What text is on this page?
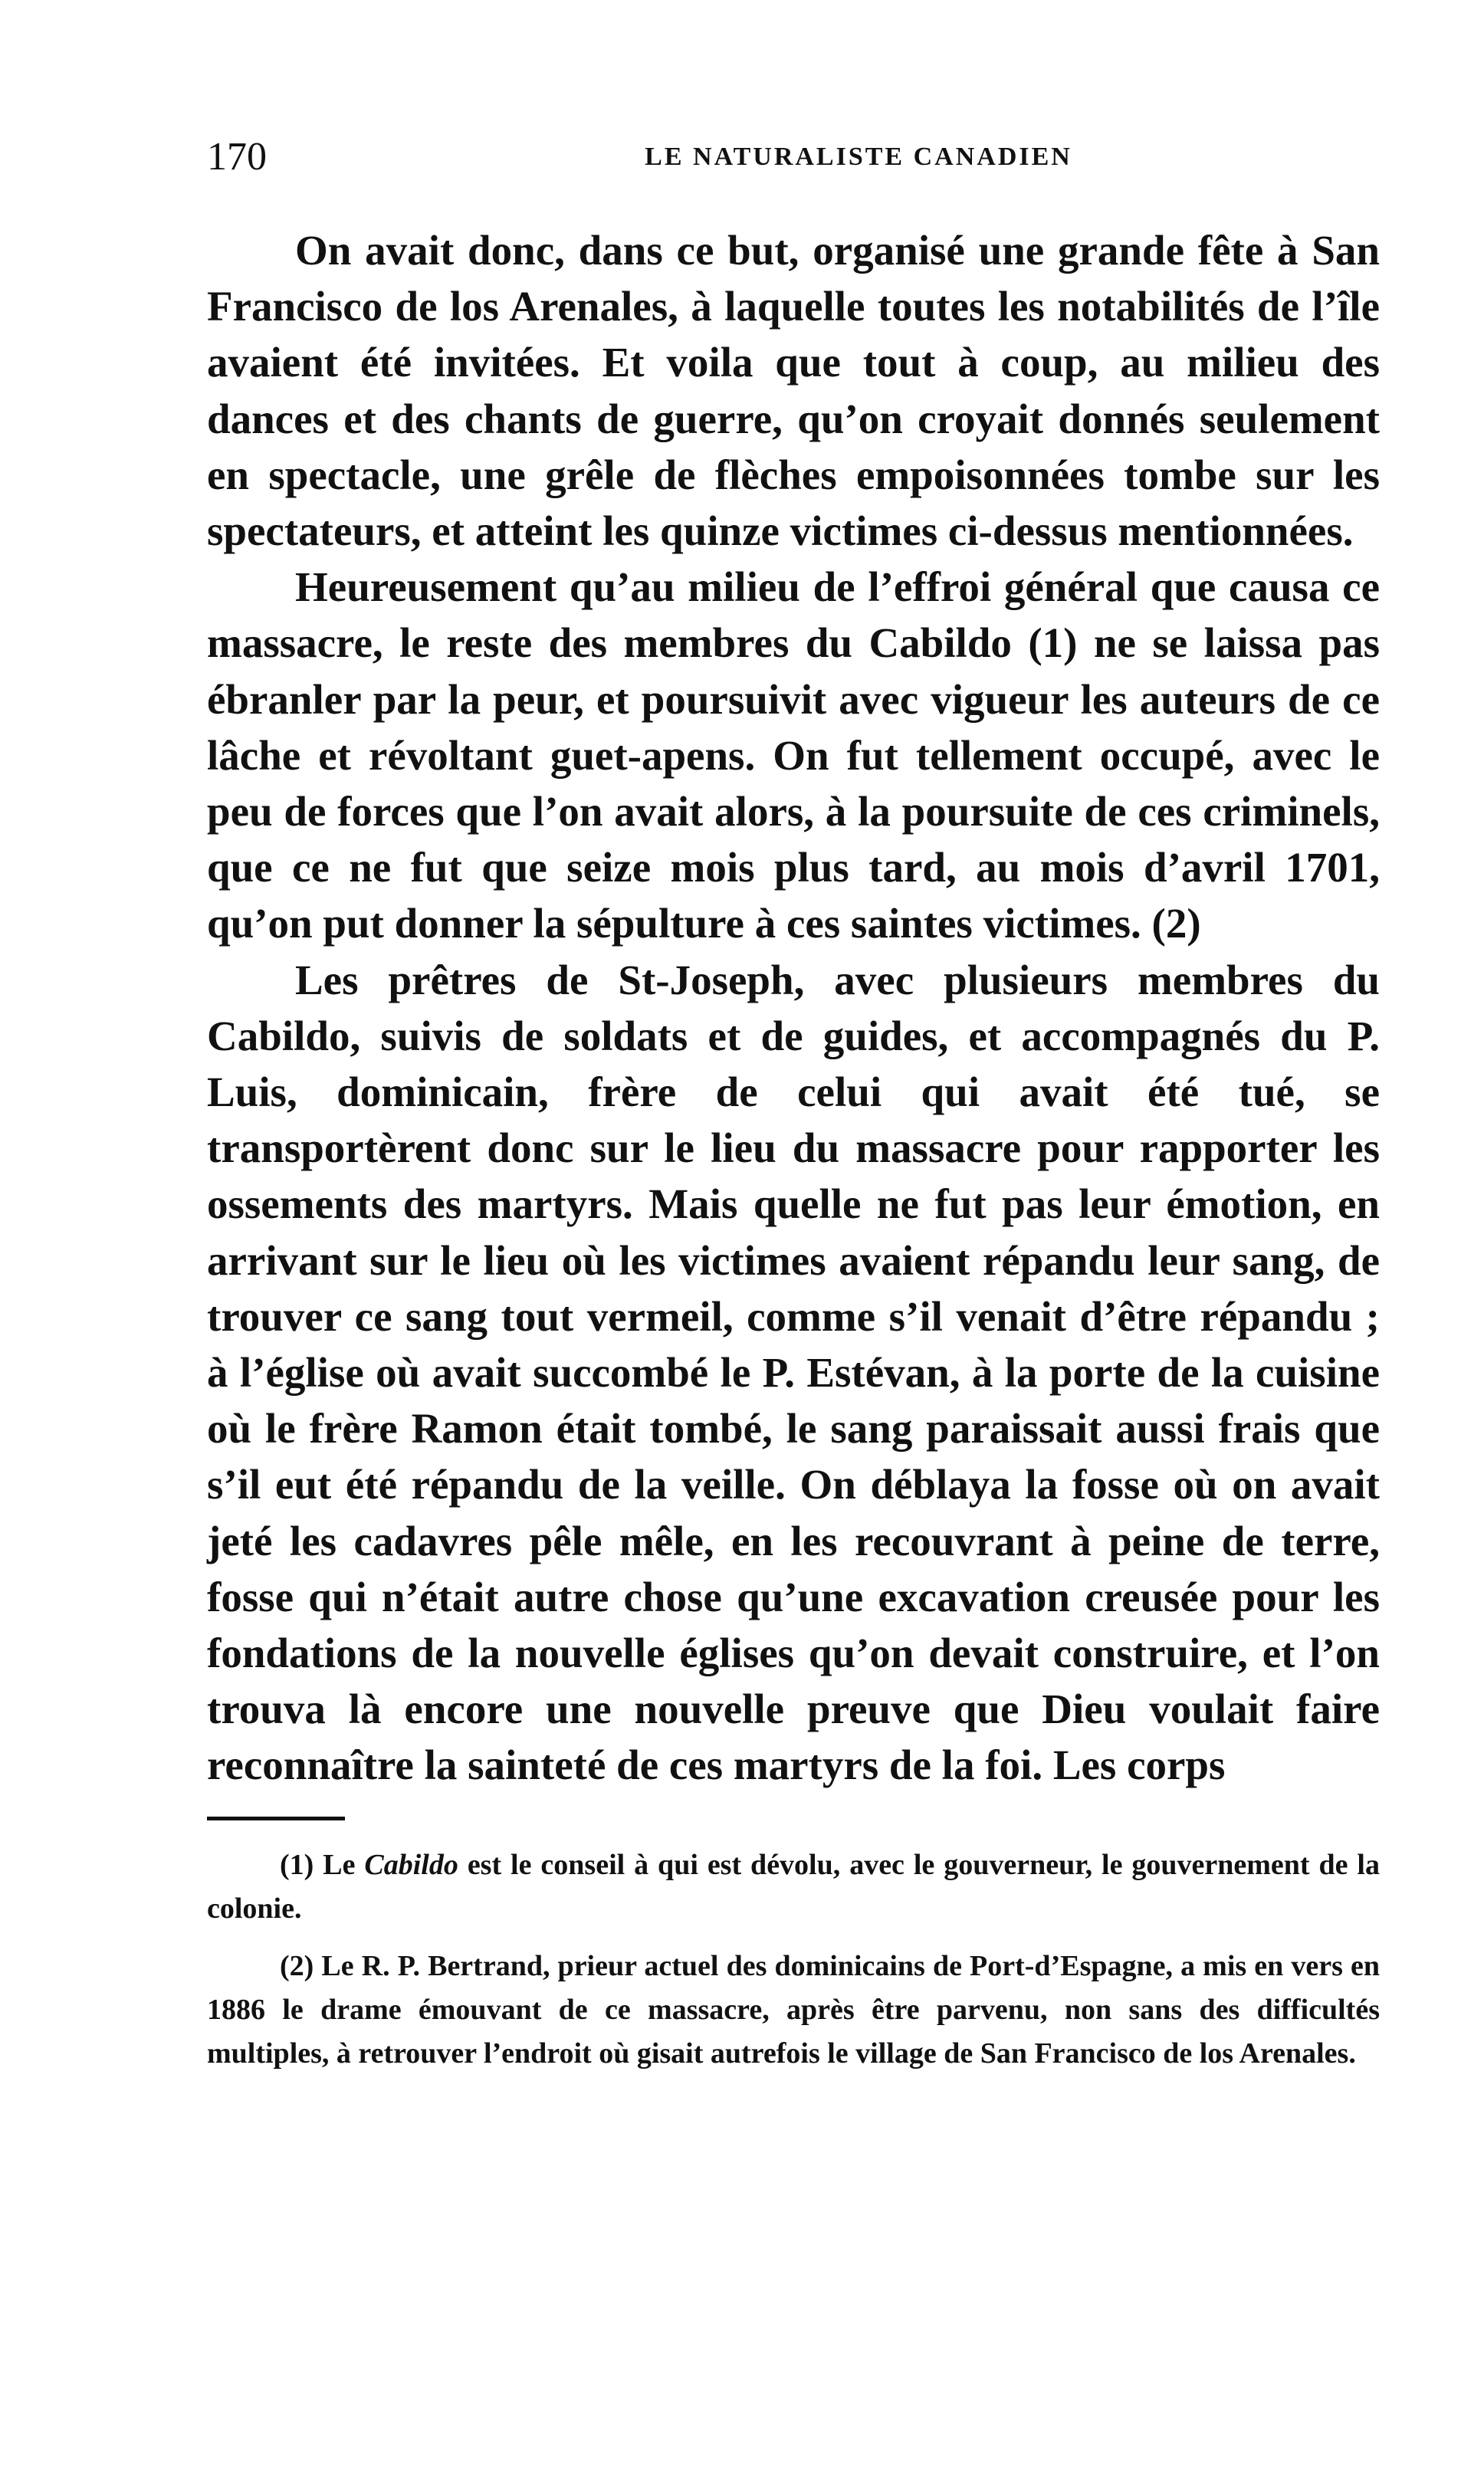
170	LE NATURALISTE CANADIEN

On avait donc, dans ce but, organisé une grande fête à San Francisco de los Arenales, à laquelle toutes les notabilités de l’île avaient été invitées. Et voila que tout à coup, au milieu des dances et des chants de guerre, qu’on croyait donnés seulement en spectacle, une grêle de flèches empoisonnées tombe sur les spectateurs, et atteint les quinze victimes ci-dessus mentionnées.

Heureusement qu’au milieu de l’effroi général que causa ce massacre, le reste des membres du Cabildo (1) ne se laissa pas ébranler par la peur, et poursuivit avec vigueur les auteurs de ce lâche et révoltant guet-apens. On fut tellement occupé, avec le peu de forces que l’on avait alors, à la poursuite de ces criminels, que ce ne fut que seize mois plus tard, au mois d’avril 1701, qu’on put donner la sépulture à ces saintes victimes. (2)

Les prêtres de St-Joseph, avec plusieurs membres du Cabildo, suivis de soldats et de guides, et accompagnés du P. Luis, dominicain, frère de celui qui avait été tué, se transportèrent donc sur le lieu du massacre pour rapporter les ossements des martyrs. Mais quelle ne fut pas leur émotion, en arrivant sur le lieu où les victimes avaient répandu leur sang, de trouver ce sang tout vermeil, comme s’il venait d’être répandu ; à l’église où avait succombé le P. Estévan, à la porte de la cuisine où le frère Ramon était tombé, le sang paraissait aussi frais que s’il eut été répandu de la veille. On déblaya la fosse où on avait jeté les cadavres pêle mêle, en les recouvrant à peine de terre, fosse qui n’était autre chose qu’une excavation creusée pour les fondations de la nouvelle églises qu’on devait construire, et l’on trouva là encore une nouvelle preuve que Dieu voulait faire reconnaître la sainteté de ces martyrs de la foi. Les corps

(1) Le Cabildo est le conseil à qui est dévolu, avec le gouverneur, le gouvernement de la colonie.

(2) Le R. P. Bertrand, prieur actuel des dominicains de Port-d’Espagne, a mis en vers en 1886 le drame émouvant de ce massacre, après être parvenu, non sans des difficultés multiples, à retrouver l’endroit où gisait autrefois le village de San Francisco de los Arenales.
